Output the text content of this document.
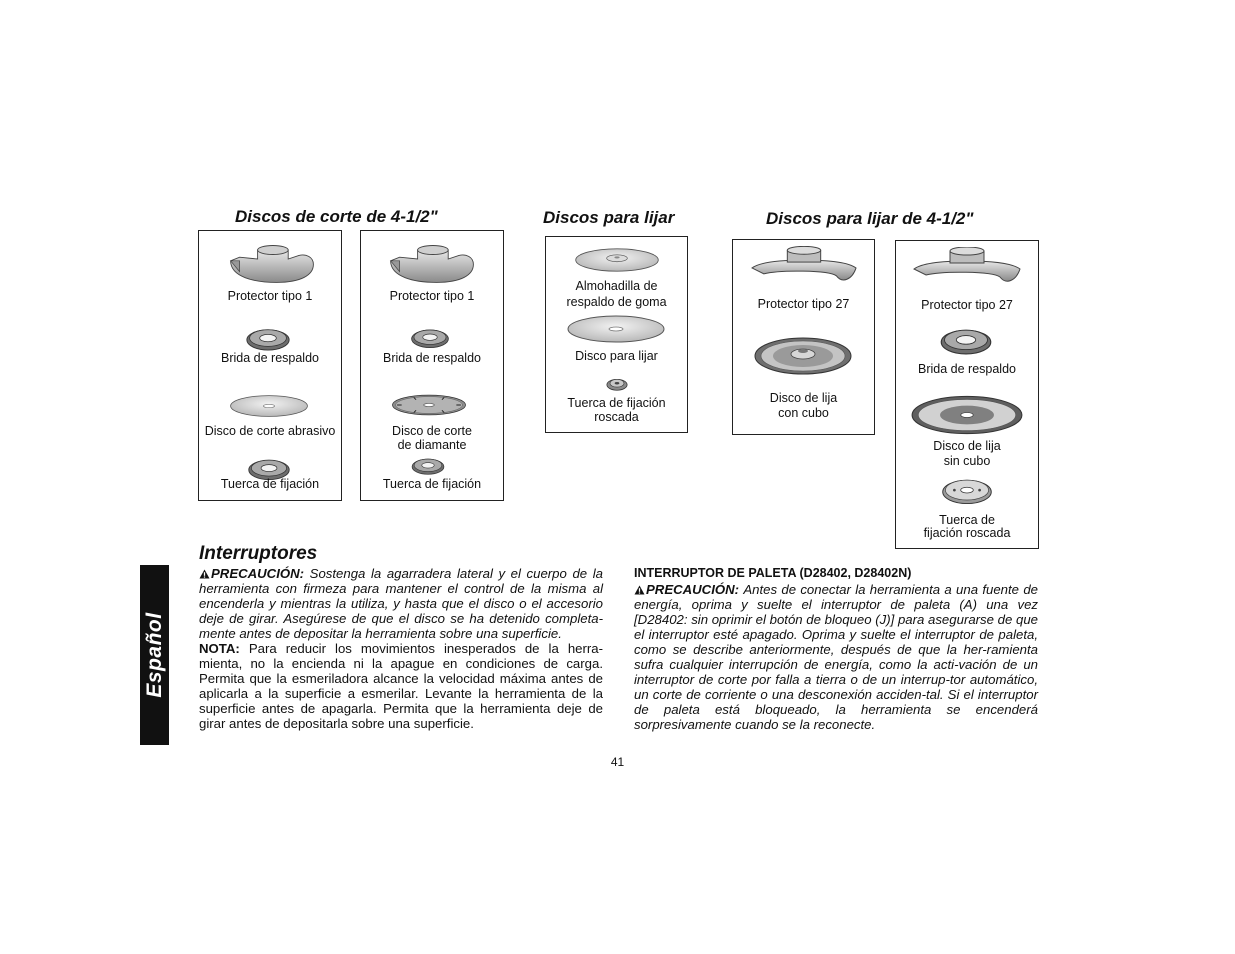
Discos de corte de 4-1/2"	Discos para lijar	Discos para lijar de 4-1/2"
Protector tipo 1
Brida de respaldo
Disco de corte abrasivo
Tuerca de fijación
Protector tipo 1
Brida de respaldo
Disco de corte
de diamante
Tuerca de fijación
Almohadilla de
respaldo de goma
Disco para lijar
Tuerca de fijación
roscada
Protector tipo 27
Disco de lija
con cubo
Protector tipo 27
Brida de respaldo
Disco de lija
sin cubo
Tuerca de
fijación roscada
Español
Interruptores
PRECAUCIÓN: Sostenga la agarradera lateral y el cuerpo de la herramienta con firmeza para mantener el control de la misma al encenderla y mientras la utiliza, y hasta que el disco o el accesorio deje de girar. Asegúrese de que el disco se ha detenido completa-mente antes de depositar la herramienta sobre una superficie.
NOTA: Para reducir los movimientos inesperados de la herra-mienta, no la encienda ni la apague en condiciones de carga. Permita que la esmeriladora alcance la velocidad máxima antes de aplicarla a la superficie a esmerilar. Levante la herramienta de la superficie antes de apagarla. Permita que la herramienta deje de girar antes de depositarla sobre una superficie.
INTERRUPTOR DE PALETA (D28402, D28402N)
PRECAUCIÓN: Antes de conectar la herramienta a una fuente de energía, oprima y suelte el interruptor de paleta (A) una vez [D28402: sin oprimir el botón de bloqueo (J)] para asegurarse de que el interruptor esté apagado. Oprima y suelte el interruptor de paleta, como se describe anteriormente, después de que la her-ramienta sufra cualquier interrupción de energía, como la acti-vación de un interruptor de corte por falla a tierra o de un interrup-tor automático, un corte de corriente o una desconexión acciden-tal. Si el interruptor de paleta está bloqueado, la herramienta se encenderá sorpresivamente cuando se la reconecte.
41
